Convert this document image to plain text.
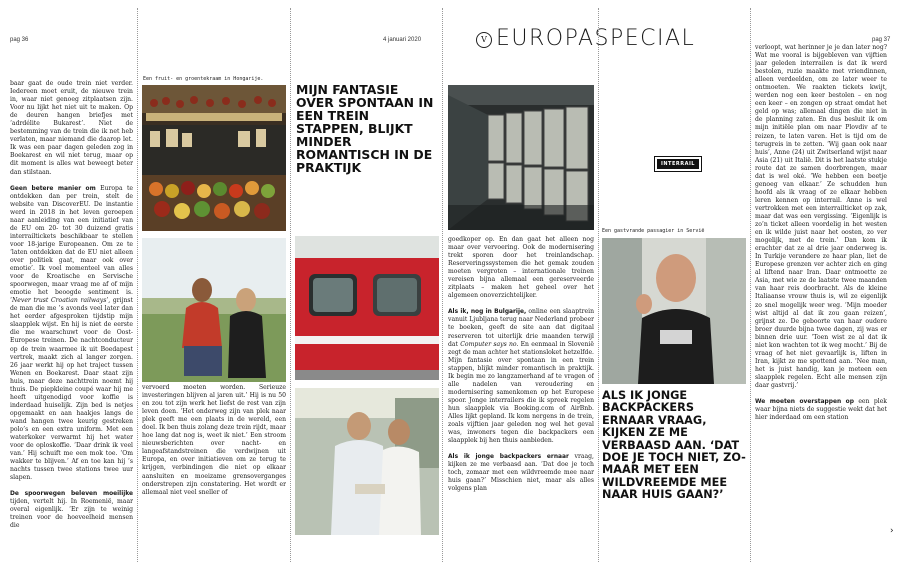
pag 36	4 januari 2020	V EUROPASPECIAL	pag 37

baar gaat de oude trein niet verder. Iedereen moet eruit, de nieuwe trein in, waar niet genoeg zitplaatsen zijn. Voor nu lijkt het niet uit te maken. Op de deuren hangen briefjes met ‘adrdélite Bukarest’. Niet de bestemming van de trein die ik net heb verlaten, maar niemand die daarop let. Ik was een paar dagen geleden zog in Boekarest en wil niet terug, maar op dit moment is alles wat beweegt beter dan stilstaan.

Geen betere manier om Europa te ontdekken dan per trein, stelt de website van DiscoverEU. De instantie werd in 2018 in het leven geroepen naar aanleiding van een initiatief van de EU om 20- tot 30 duizend gratis interrailtickets beschikbaar te stellen voor 18-jarige Europeanen. Om ze te ‘laten ontdekken dat de EU niet alleen over politiek gaat, maar ook over emotie’. Ik voel momenteel van alles voor de Kroatische en Servische spoorwegen, maar vraag me af of mijn emotie het beoogde sentiment is. ‘Never trust Croatian railways’, grijnst de man die me ’s avonds veel later dan het eerder afgesproken tijdstip mijn slaapplek wijst. En hij is niet de eerste die me waarschuwt voor de Oost-Europese treinen. De nachtconducteur op de trein waarmee ik uit Boedapest vertrek, maakt zich al langer zorgen. 26 jaar werkt hij op het traject tussen Wenen en Boekarest. Daar staat zijn huis, maar deze nachttrein noemt hij thuis. De piepkleine coupé waar hij me heeft uitgenodigd voor koffie is inderdaad huiselijk. Zijn bed is netjes opgemaakt en aan haakjes langs de wand hangen twee keurig gestreken polo’s en een extra uniform. Met een waterkoker verwarmt hij het water voor de oploskoffie. ‘Daar drink ik veel van.’ Hij schuift me een mok toe. ‘Om wakker te blijven.’ Af en toe kan hij ’s nachts tussen twee stations twee uur slapen.

De spoorwegen beleven moeilijke tijden, vertelt hij. In Roemenië, maar overal eigenlijk. ‘Er zijn te weinig treinen voor de hoeveelheid mensen die

Een fruit- en groentekraam in Hongarije.

vervoerd moeten worden. Serieuze investeringen blijven al jaren uit.’ Hij is nu 50 en zou tot zijn werk het liefst de rest van zijn leven doen. ‘Het onderweg zijn van plek naar plek geeft me een plaats in de wereld, een doel. Ik ben thuis zolang deze trein rijdt, maar hoe lang dat nog is, weet ik niet.’ Een stroom nieuwsberichten over nacht- en langeafstandstreinen die verdwijnen uit Europa, en over initiatieven om ze terug te krijgen, verbindingen die niet op elkaar aansluiten en moeizame grensoverganges onderstrepen zijn constatering. Het wordt er allemaal niet veel sneller of

MIJN FANTASIE OVER SPONTAAN IN EEN TREIN STAPPEN, BLIJKT MINDER ROMANTISCH IN DE PRAKTIJK	INTERRAIL

goedkoper op. En dan gaat het alleen nog maar over vervoering. Ook de modernisering trekt sporen door het treinlandschap. Reserveringssystemen die het gemak zouden moeten vergroten – internationale treinen vereisen bijna allemaal een gereserveerde zitplaats – maken het geheel over het algemeen onoverzichtelijker.

Als ik, nog in Bulgarije, online een slaaptrein vanuit Ljubljana terug naar Nederland probeer te boeken, geeft de site aan dat digitaal reserveren tot uiterlijk drie maanden terwijl dat Computer says no. En eenmaal in Slovenië zegt de man achter het stationsloket hetzelfde. Mijn fantasie over spontaan in een trein stappen, blijkt minder romantisch in praktijk. Ik begin me zo langzamerhand af te vragen of alle nadelen van veroudering en modernisering samenkomen op het Europese spoor. Jonge interrailers die ik spreek regelen hun slaapplek via Booking.com of AirBnb. Alles lijkt gepland. Ik kom nergens in de trein, zoals vijftien jaar geleden nog wel het geval was, inwoners tegen die backpackers een slaapplek bij hen thuis aanbieden.

Als ik jonge backpackers ernaar vraag, kijken ze me verbaasd aan. ‘Dat doe je toch toch, zomaar met een wildvreemde mee naar huis gaan?’ Misschien niet, maar als alles volgens plan

Een gastvrande passagier in Servië
ALS IK JONGE BACKPACKERS ERNAAR VRAAG, KIJKEN ZE ME VERBAASD AAN. ‘DAT DOE JE TOCH NIET, ZO-MAAR MET EEN WILDVREEMDE MEE NAAR HUIS GAAN?’

verloopt, wat herinner je je dan later nog? Wat me vooral is bijgebleven van vijftien jaar geleden interrailen is dat ik werd bestolen, ruzie maakte met vriendinnen, alleen verdeelden, om ze later weer te ontmoeten. We raakten tickets kwijt, werden nog een keer bestolen – en nog een keer – en zongen op straat omdat het geld op was; allemaal dingen die niet in de planning zaten. En dus besluit ik om mijn initiële plan om naar Plovdiv af te reizen, te laten varen. Het is tijd om de terugreis in te zetten. ‘Wij gaan ook naar huis’, Anne (24) uit Zwitserland wijst naar Asia (21) uit Italië. Dit is het laatste stukje route dat ze samen doorbrengen, maar dat is wel oké. ‘We hebben een beetje genoeg van elkaar.’ Ze schudden hun hoofd als ik vraag of ze elkaar hebben leren kennen op interrail. Anne is wel vertrokken met een interrailticket op zak, maar dat was een vergissing. ‘Eigenlijk is zo’n ticket alleen voordelig in het westen en ik wilde juist naar het oosten, zo ver mogelijk, met de trein.’ Dan kom ik erachter dat ze al drie jaar onderweg is. In Turkije verandere ze haar plan, liet de Europese grenzen ver achter zich en ging al liftend naar Iran. Daar ontmoette ze Asia, met wie ze de laatste twee maanden van haar reis doorbracht. Als de kleine Italiaanse vrouw thuis is, wil ze eigenlijk zo snel mogelijk weer weg. ‘Mijn moeder wist altijd al dat ik zou gaan reizen’, grijnst ze. De geboorte van haar oudere broer duurde bijna twee dagen, zij was er binnen drie uur. ‘Toen wist ze al dat ik niet kon wachten tot ik weg mocht.’ Bij de vraag of het niet gevaarlijk is, liften in Iran, kijkt ze me spottend aan. ‘Nee man, het is juist handig, kan je meteen een slaapplek regelen. Echt alle mensen zijn daar gastvrij.’

We moeten overstappen op een plek waar bijna niets de suggestie wekt dat het hier inderdaad om een station

›
